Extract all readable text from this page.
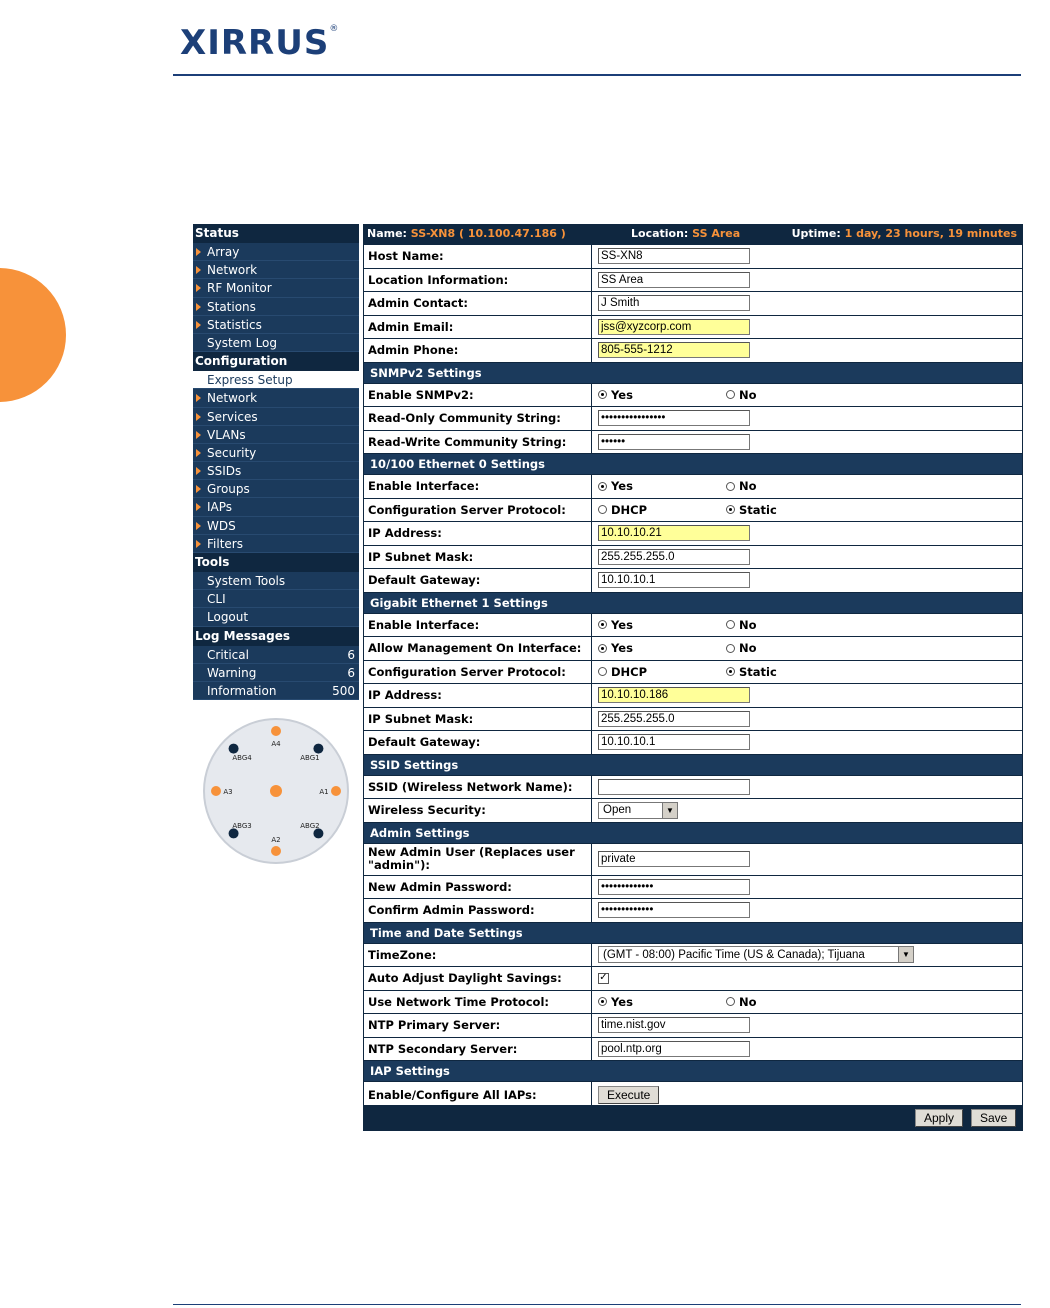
XIRRUS®
Status
Array
Network
RF Monitor
Stations
Statistics
System Log
Configuration
Express Setup
Network
Services
VLANs
Security
SSIDs
Groups
IAPs
WDS
Filters
Tools
System Tools
CLI
Logout
Log Messages
Critical	6
Warning	6
Information	500
A4
ABG1
A1
ABG2
A2
ABG3
A3
ABG4
Name: SS-XN8 ( 10.100.47.186 )	Location: SS Area	Uptime: 1 day, 23 hours, 19 minutes
Host Name:
SS-XN8
Location Information:
SS Area
Admin Contact:
J Smith
Admin Email:
jss@xyzcorp.com
Admin Phone:
805-555-1212
SNMPv2 Settings
Enable SNMPv2:	Yes	No
Read-Only Community String:
••••••••••••••••
Read-Write Community String:
••••••
10/100 Ethernet 0 Settings
Enable Interface:	Yes	No
Configuration Server Protocol:	DHCP	Static
IP Address:
10.10.10.21
IP Subnet Mask:
255.255.255.0
Default Gateway:
10.10.10.1
Gigabit Ethernet 1 Settings
Enable Interface:	Yes	No
Allow Management On Interface:	Yes	No
Configuration Server Protocol:	DHCP	Static
IP Address:
10.10.10.186
IP Subnet Mask:
255.255.255.0
Default Gateway:
10.10.10.1
SSID Settings
SSID (Wireless Network Name):
Wireless Security:	Open	▼
Admin Settings
New Admin User (Replaces user "admin"):
private
New Admin Password:
•••••••••••••
Confirm Admin Password:
•••••••••••••
Time and Date Settings
TimeZone:	(GMT - 08:00) Pacific Time (US & Canada); Tijuana	▼
Auto Adjust Daylight Savings:	✓
Use Network Time Protocol:	Yes	No
NTP Primary Server:
time.nist.gov
NTP Secondary Server:
pool.ntp.org
IAP Settings
Enable/Configure All IAPs:	Execute
Apply	Save
